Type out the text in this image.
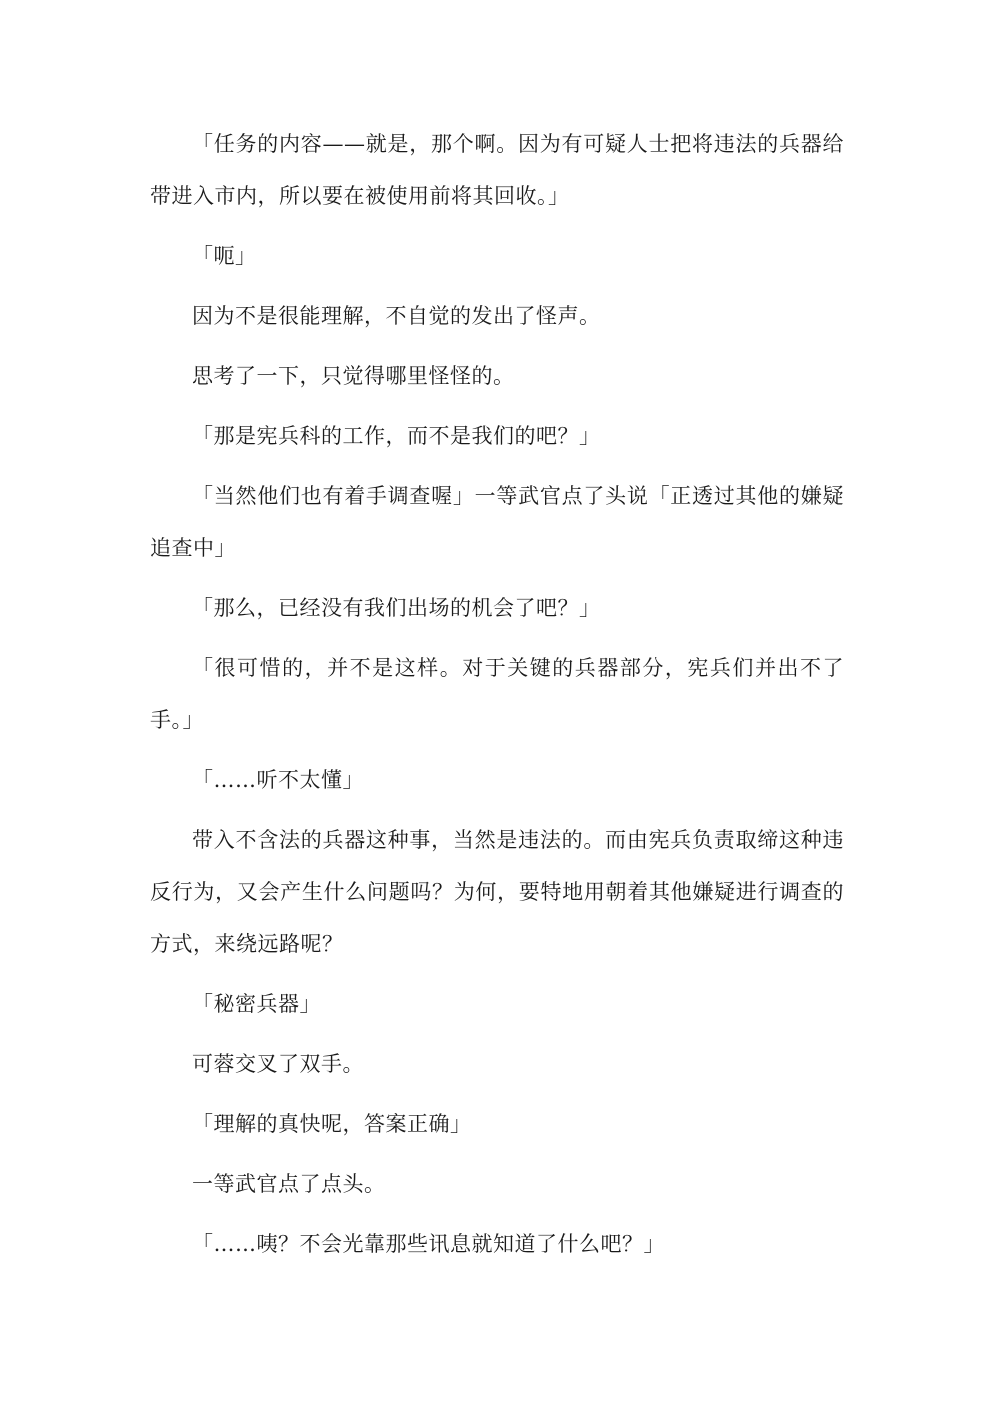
「任务的内容——就是，那个啊。因为有可疑人士把将违法的兵器给带进入市内，所以要在被使用前将其回收。」

「呃」

因为不是很能理解，不自觉的发出了怪声。

思考了一下，只觉得哪里怪怪的。

「那是宪兵科的工作，而不是我们的吧？」

「当然他们也有着手调查喔」一等武官点了头说「正透过其他的嫌疑追查中」

「那么，已经没有我们出场的机会了吧？」

「很可惜的，并不是这样。对于关键的兵器部分，宪兵们并出不了手。」

「……听不太懂」

带入不含法的兵器这种事，当然是违法的。而由宪兵负责取缔这种违反行为，又会产生什么问题吗？为何，要特地用朝着其他嫌疑进行调查的方式，来绕远路呢？

「秘密兵器」

可蓉交叉了双手。

「理解的真快呢，答案正确」

一等武官点了点头。

「……咦？不会光靠那些讯息就知道了什么吧？」
